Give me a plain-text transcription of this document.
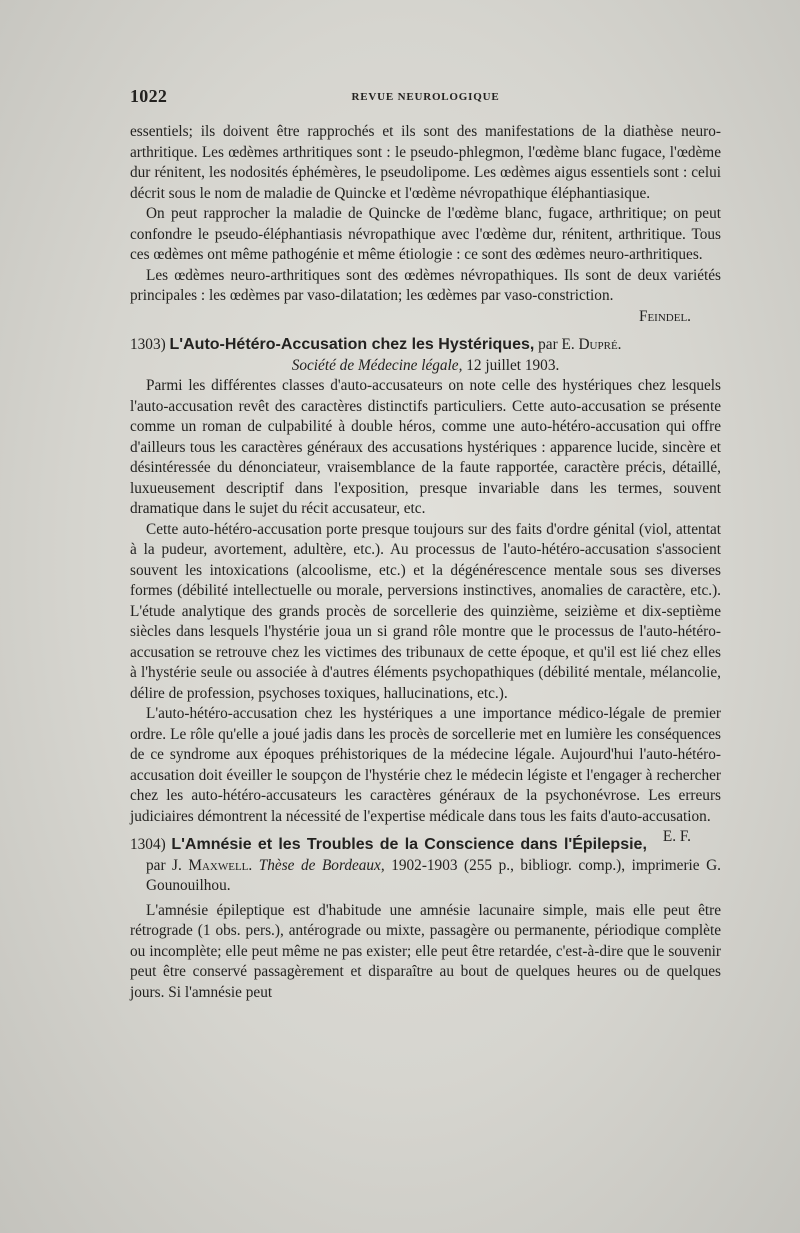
1022	REVUE NEUROLOGIQUE

essentiels; ils doivent être rapprochés et ils sont des manifestations de la diathèse neuro-arthritique. Les œdèmes arthritiques sont : le pseudo-phlegmon, l'œdème blanc fugace, l'œdème dur rénitent, les nodosités éphémères, le pseudolipome. Les œdèmes aigus essentiels sont : celui décrit sous le nom de maladie de Quincke et l'œdème névropathique éléphantiasique.

On peut rapprocher la maladie de Quincke de l'œdème blanc, fugace, arthritique; on peut confondre le pseudo-éléphantiasis névropathique avec l'œdème dur, rénitent, arthritique. Tous ces œdèmes ont même pathogénie et même étiologie : ce sont des œdèmes neuro-arthritiques.

Les œdèmes neuro-arthritiques sont des œdèmes névropathiques. Ils sont de deux variétés principales : les œdèmes par vaso-dilatation; les œdèmes par vaso-constriction.

Feindel.

1303) L'Auto-Hétéro-Accusation chez les Hystériques, par E. Dupré.

Société de Médecine légale, 12 juillet 1903.

Parmi les différentes classes d'auto-accusateurs on note celle des hystériques chez lesquels l'auto-accusation revêt des caractères distinctifs particuliers. Cette auto-accusation se présente comme un roman de culpabilité à double héros, comme une auto-hétéro-accusation qui offre d'ailleurs tous les caractères généraux des accusations hystériques : apparence lucide, sincère et désintéressée du dénonciateur, vraisemblance de la faute rapportée, caractère précis, détaillé, luxueusement descriptif dans l'exposition, presque invariable dans les termes, souvent dramatique dans le sujet du récit accusateur, etc.

Cette auto-hétéro-accusation porte presque toujours sur des faits d'ordre génital (viol, attentat à la pudeur, avortement, adultère, etc.). Au processus de l'auto-hétéro-accusation s'associent souvent les intoxications (alcoolisme, etc.) et la dégénérescence mentale sous ses diverses formes (débilité intellectuelle ou morale, perversions instinctives, anomalies de caractère, etc.). L'étude analytique des grands procès de sorcellerie des quinzième, seizième et dix-septième siècles dans lesquels l'hystérie joua un si grand rôle montre que le processus de l'auto-hétéro-accusation se retrouve chez les victimes des tribunaux de cette époque, et qu'il est lié chez elles à l'hystérie seule ou associée à d'autres éléments psychopathiques (débilité mentale, mélancolie, délire de profession, psychoses toxiques, hallucinations, etc.).

L'auto-hétéro-accusation chez les hystériques a une importance médico-légale de premier ordre. Le rôle qu'elle a joué jadis dans les procès de sorcellerie met en lumière les conséquences de ce syndrome aux époques préhistoriques de la médecine légale. Aujourd'hui l'auto-hétéro-accusation doit éveiller le soupçon de l'hystérie chez le médecin légiste et l'engager à rechercher chez les auto-hétéro-accusateurs les caractères généraux de la psychonévrose. Les erreurs judiciaires démontrent la nécessité de l'expertise médicale dans tous les faits d'auto-accusation.
E. F.

1304) L'Amnésie et les Troubles de la Conscience dans l'Épilepsie, par J. Maxwell. Thèse de Bordeaux, 1902-1903 (255 p., bibliogr. comp.), imprimerie G. Gounouilhou.

L'amnésie épileptique est d'habitude une amnésie lacunaire simple, mais elle peut être rétrograde (1 obs. pers.), antérograde ou mixte, passagère ou permanente, périodique complète ou incomplète; elle peut même ne pas exister; elle peut être retardée, c'est-à-dire que le souvenir peut être conservé passagèrement et disparaître au bout de quelques heures ou de quelques jours. Si l'amnésie peut
